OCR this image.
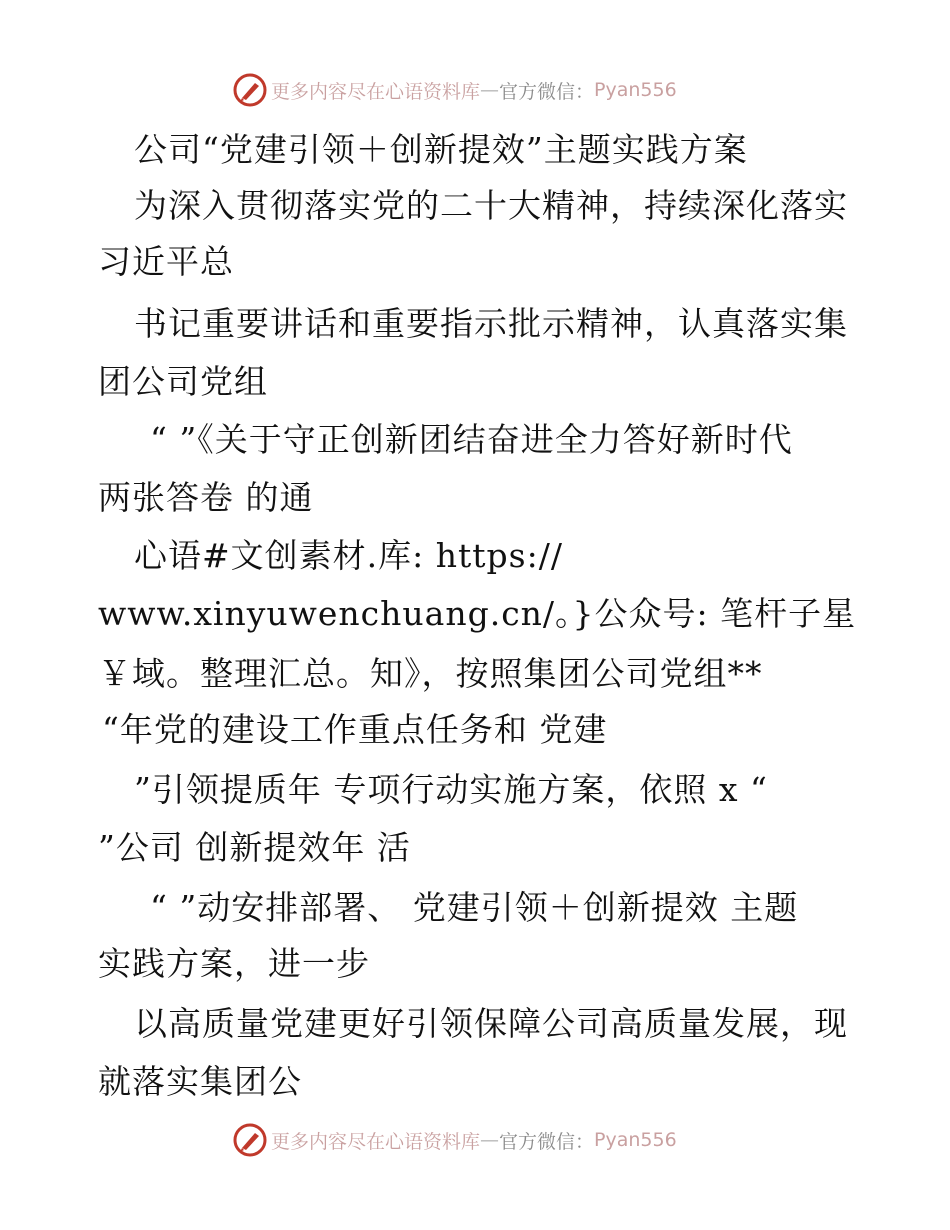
更多内容尽在心语资料库 — 官方微信： Pyan556
公司“党建引领＋创新提效”主题实践方案
为深入贯彻落实党的二十大精神，持续深化落实
习近平总
书记重要讲话和重要指示批示精神，认真落实集
团公司党组
“ ”《关于守正创新团结奋进全力答好新时代
两张答卷 的通
心语#文创素材.库: https://
www.xinyuwenchuang.cn/。}公众号: 笔杆子星
￥域。整理汇总。知》，按照集团公司党组**
“年党的建设工作重点任务和 党建
”引领提质年 专项行动实施方案，依照 x “
”公司 创新提效年 活
“ ”动安排部署、 党建引领＋创新提效 主题
实践方案，进一步
以高质量党建更好引领保障公司高质量发展，现
就落实集团公
更多内容尽在心语资料库 — 官方微信： Pyan556
